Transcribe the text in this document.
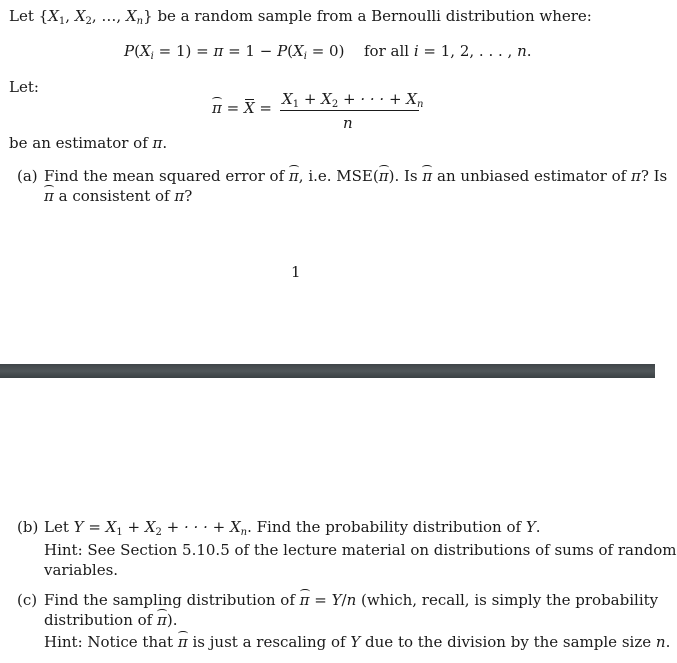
Let {$X_1$, $X_2$, …, $X_n$} be a random sample from a Bernoulli distribution where:
$P(X_i = 1) = \pi = 1 - P(X_i = 0)$ for all i = 1, 2, . . . , n.
Let:
$\pi = X = X_1 + X_2$ + · · · + $X_n$
n
be an estimator of π.
(a) Find the mean squared error of π, i.e. MSE(π). Is π an unbiased estimator of π? Is
π a consistent of π?
1
(b) Let $Y = X_1 + X_2$ + · · · + $X_n$. Find the probability distribution of Y.
Hint: See Section 5.10.5 of the lecture material on distributions of sums of random
variables.
(c) Find the sampling distribution of π = Y/n (which, recall, is simply the probability
distribution of π).
Hint: Notice that π is just a rescaling of Y due to the division by the sample size n.
